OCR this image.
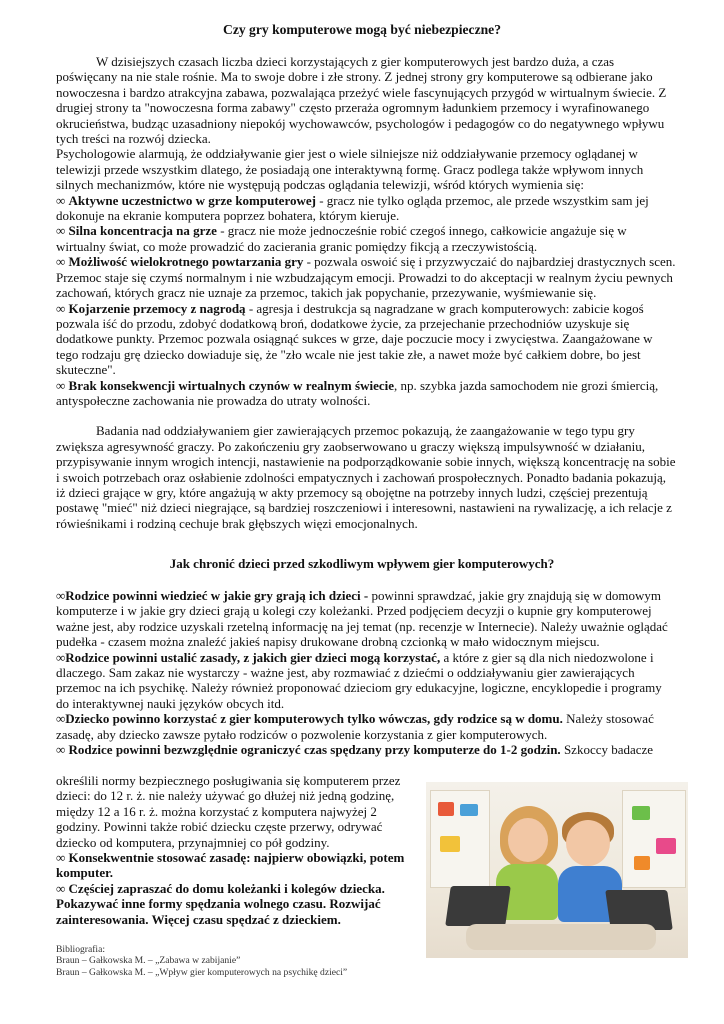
Czy gry komputerowe mogą być niebezpieczne?

W dzisiejszych czasach liczba dzieci korzystających z gier komputerowych jest bardzo duża, a czas poświęcany na nie stale rośnie. Ma to swoje dobre i złe strony. Z jednej strony gry komputerowe są odbierane jako nowoczesna i bardzo atrakcyjna zabawa, pozwalająca przeżyć wiele fascynujących przygód w wirtualnym świecie. Z drugiej strony ta "nowoczesna forma zabawy" często przeraża ogromnym ładunkiem przemocy i wyrafinowanego okrucieństwa, budząc uzasadniony niepokój wychowawców, psychologów i pedagogów co do negatywnego wpływu tych treści na rozwój dziecka.

Psychologowie alarmują, że oddziaływanie gier jest o wiele silniejsze niż oddziaływanie przemocy oglądanej w telewizji przede wszystkim dlatego, że posiadają one interaktywną formę. Gracz podlega także wpływom innych silnych mechanizmów, które nie występują podczas oglądania telewizji, wśród których wymienia się:

∞ Aktywne uczestnictwo w grze komputerowej - gracz nie tylko ogląda przemoc, ale przede wszystkim sam jej dokonuje na ekranie komputera poprzez bohatera, którym kieruje.

∞ Silna koncentracja na grze - gracz nie może jednocześnie robić czegoś innego, całkowicie angażuje się w wirtualny świat, co może prowadzić do zacierania granic pomiędzy fikcją a rzeczywistością.

∞ Możliwość wielokrotnego powtarzania gry - pozwala oswoić się i przyzwyczaić do najbardziej drastycznych scen. Przemoc staje się czymś normalnym i nie wzbudzającym emocji. Prowadzi to do akceptacji w realnym życiu pewnych zachowań, których gracz nie uznaje za przemoc, takich jak popychanie, przezywanie, wyśmiewanie się.

∞ Kojarzenie przemocy z nagrodą - agresja i destrukcja są nagradzane w grach komputerowych: zabicie kogoś pozwala iść do przodu, zdobyć dodatkową broń, dodatkowe życie, za przejechanie przechodniów uzyskuje się dodatkowe punkty. Przemoc pozwala osiągnąć sukces w grze, daje poczucie mocy i zwycięstwa. Zaangażowane w tego rodzaju grę dziecko dowiaduje się, że "zło wcale nie jest takie złe, a nawet może być całkiem dobre, bo jest skuteczne".

∞ Brak konsekwencji wirtualnych czynów w realnym świecie, np. szybka jazda samochodem nie grozi śmiercią, antyspołeczne zachowania nie prowadza do utraty wolności.

Badania nad oddziaływaniem gier zawierających przemoc pokazują, że zaangażowanie w tego typu gry zwiększa agresywność graczy. Po zakończeniu gry zaobserwowano u graczy większą impulsywność w działaniu, przypisywanie innym wrogich intencji, nastawienie na podporządkowanie sobie innych, większą koncentrację na sobie i swoich potrzebach oraz osłabienie zdolności empatycznych i zachowań prospołecznych. Ponadto badania pokazują, iż dzieci grające w gry, które angażują w akty przemocy są obojętne na potrzeby innych ludzi, częściej prezentują postawę "mieć" niż dzieci niegrające, są bardziej roszczeniowi i interesowni, nastawieni na rywalizację, a ich relacje z rówieśnikami i rodziną cechuje brak głębszych więzi emocjonalnych.

Jak chronić dzieci przed szkodliwym wpływem gier komputerowych?

∞Rodzice powinni wiedzieć w jakie gry grają ich dzieci - powinni sprawdzać, jakie gry znajdują się w domowym komputerze i w jakie gry dzieci grają u kolegi czy koleżanki. Przed podjęciem decyzji o kupnie gry komputerowej ważne jest, aby rodzice uzyskali rzetelną informację na jej temat (np. recenzje w Internecie). Należy uważnie oglądać pudełka - czasem można znaleźć jakieś napisy drukowane drobną czcionką w mało widocznym miejscu.

∞Rodzice powinni ustalić zasady, z jakich gier dzieci mogą korzystać, a które z gier są dla nich niedozwolone i dlaczego. Sam zakaz nie wystarczy - ważne jest, aby rozmawiać z dziećmi o oddziaływaniu gier zawierających przemoc na ich psychikę. Należy również proponować dzieciom gry edukacyjne, logiczne, encyklopedie i programy do interaktywnej nauki języków obcych itd.

∞Dziecko powinno korzystać z gier komputerowych tylko wówczas, gdy rodzice są w domu. Należy stosować zasadę, aby dziecko zawsze pytało rodziców o pozwolenie korzystania z gier komputerowych.

∞ Rodzice powinni bezwzględnie ograniczyć czas spędzany przy komputerze do 1-2 godzin. Szkoccy badacze

określili normy bezpiecznego posługiwania się komputerem przez dzieci: do 12 r. ż. nie należy używać go dłużej niż jedną godzinę, między 12 a 16 r. ż. można korzystać z komputera najwyżej 2 godziny. Powinni także robić dziecku częste przerwy, odrywać dziecko od komputera, przynajmniej co pół godziny.

∞ Konsekwentnie stosować zasadę: najpierw obowiązki, potem komputer.

∞ Częściej zapraszać do domu koleżanki i kolegów dziecka. Pokazywać inne formy spędzania wolnego czasu. Rozwijać zainteresowania. Więcej czasu spędzać z dzieckiem.

Bibliografia:
Braun – Gałkowska M. – „Zabawa w zabijanie”
Braun – Gałkowska M. – „Wpływ gier komputerowych na psychikę dzieci”
